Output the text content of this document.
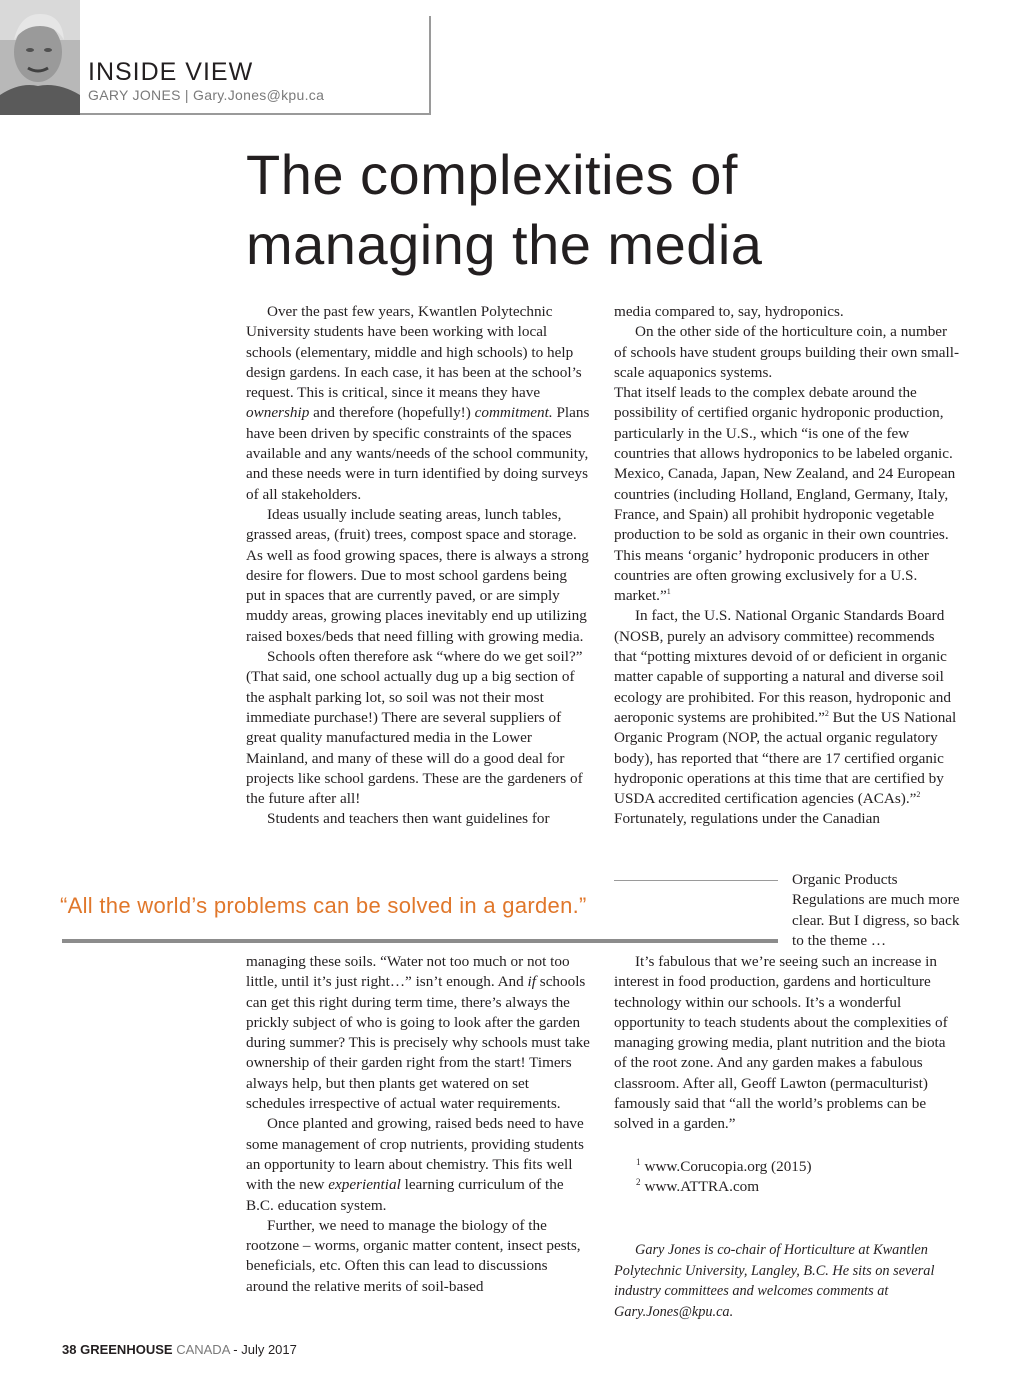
INSIDE VIEW
GARY JONES | Gary.Jones@kpu.ca
The complexities of
managing the media

Over the past few years, Kwantlen Polytechnic University students have been working with local schools (elementary, middle and high schools) to help design gardens. In each case, it has been at the school’s request. This is critical, since it means they have ownership and therefore (hopefully!) commitment. Plans have been driven by specific constraints of the spaces available and any wants/needs of the school community, and these needs were in turn identified by doing surveys of all stakeholders.

Ideas usually include seating areas, lunch tables, grassed areas, (fruit) trees, compost space and storage. As well as food growing spaces, there is always a strong desire for flowers. Due to most school gardens being put in spaces that are currently paved, or are simply muddy areas, growing places inevitably end up utilizing raised boxes/beds that need filling with growing media.

Schools often therefore ask “where do we get soil?” (That said, one school actually dug up a big section of the asphalt parking lot, so soil was not their most immediate purchase!) There are several suppliers of great quality manufactured media in the Lower Mainland, and many of these will do a good deal for projects like school gardens. These are the gardeners of the future after all!

Students and teachers then want guidelines for

“All the world’s problems can be solved in a garden.”

managing these soils. “Water not too much or not too little, until it’s just right…” isn’t enough. And if schools can get this right during term time, there’s always the prickly subject of who is going to look after the garden during summer? This is precisely why schools must take ownership of their garden right from the start! Timers always help, but then plants get watered on set schedules irrespective of actual water requirements.

Once planted and growing, raised beds need to have some management of crop nutrients, providing students an opportunity to learn about chemistry. This fits well with the new experiential learning curriculum of the B.C. education system.

Further, we need to manage the biology of the rootzone – worms, organic matter content, insect pests, beneficials, etc. Often this can lead to discussions around the relative merits of soil-based

media compared to, say, hydroponics.

On the other side of the horticulture coin, a number of schools have student groups building their own small-scale aquaponics systems.

That itself leads to the complex debate around the possibility of certified organic hydroponic production, particularly in the U.S., which “is one of the few countries that allows hydroponics to be labeled organic. Mexico, Canada, Japan, New Zealand, and 24 European countries (including Holland, England, Germany, Italy, France, and Spain) all prohibit hydroponic vegetable production to be sold as organic in their own countries. This means ‘organic’ hydroponic producers in other countries are often growing exclusively for a U.S. market.”$^1$

In fact, the U.S. National Organic Standards Board (NOSB, purely an advisory committee) recommends that “potting mixtures devoid of or deficient in organic matter capable of supporting a natural and diverse soil ecology are prohibited. For this reason, hydroponic and aeroponic systems are prohibited.”$^2$ But the US National Organic Program (NOP, the actual organic regulatory body), has reported that “there are 17 certified organic hydroponic operations at this time that are certified by USDA accredited certification agencies (ACAs).”$^2$ Fortunately, regulations under the Canadian

Organic Products Regulations are much more clear. But I digress, so back to the theme …

It’s fabulous that we’re seeing such an increase in interest in food production, gardens and horticulture technology within our schools. It’s a wonderful opportunity to teach students about the complexities of managing growing media, plant nutrition and the biota of the root zone. And any garden makes a fabulous classroom. After all, Geoff Lawton (permaculturist) famously said that “all the world’s problems can be solved in a garden.”

$^1$ www.Corucopia.org (2015)
$^2$ www.ATTRA.com
Gary Jones is co-chair of Horticulture at Kwantlen Polytechnic University, Langley, B.C. He sits on several industry committees and welcomes comments at Gary.Jones@kpu.ca.
38 GREENHOUSE CANADA - July 2017
